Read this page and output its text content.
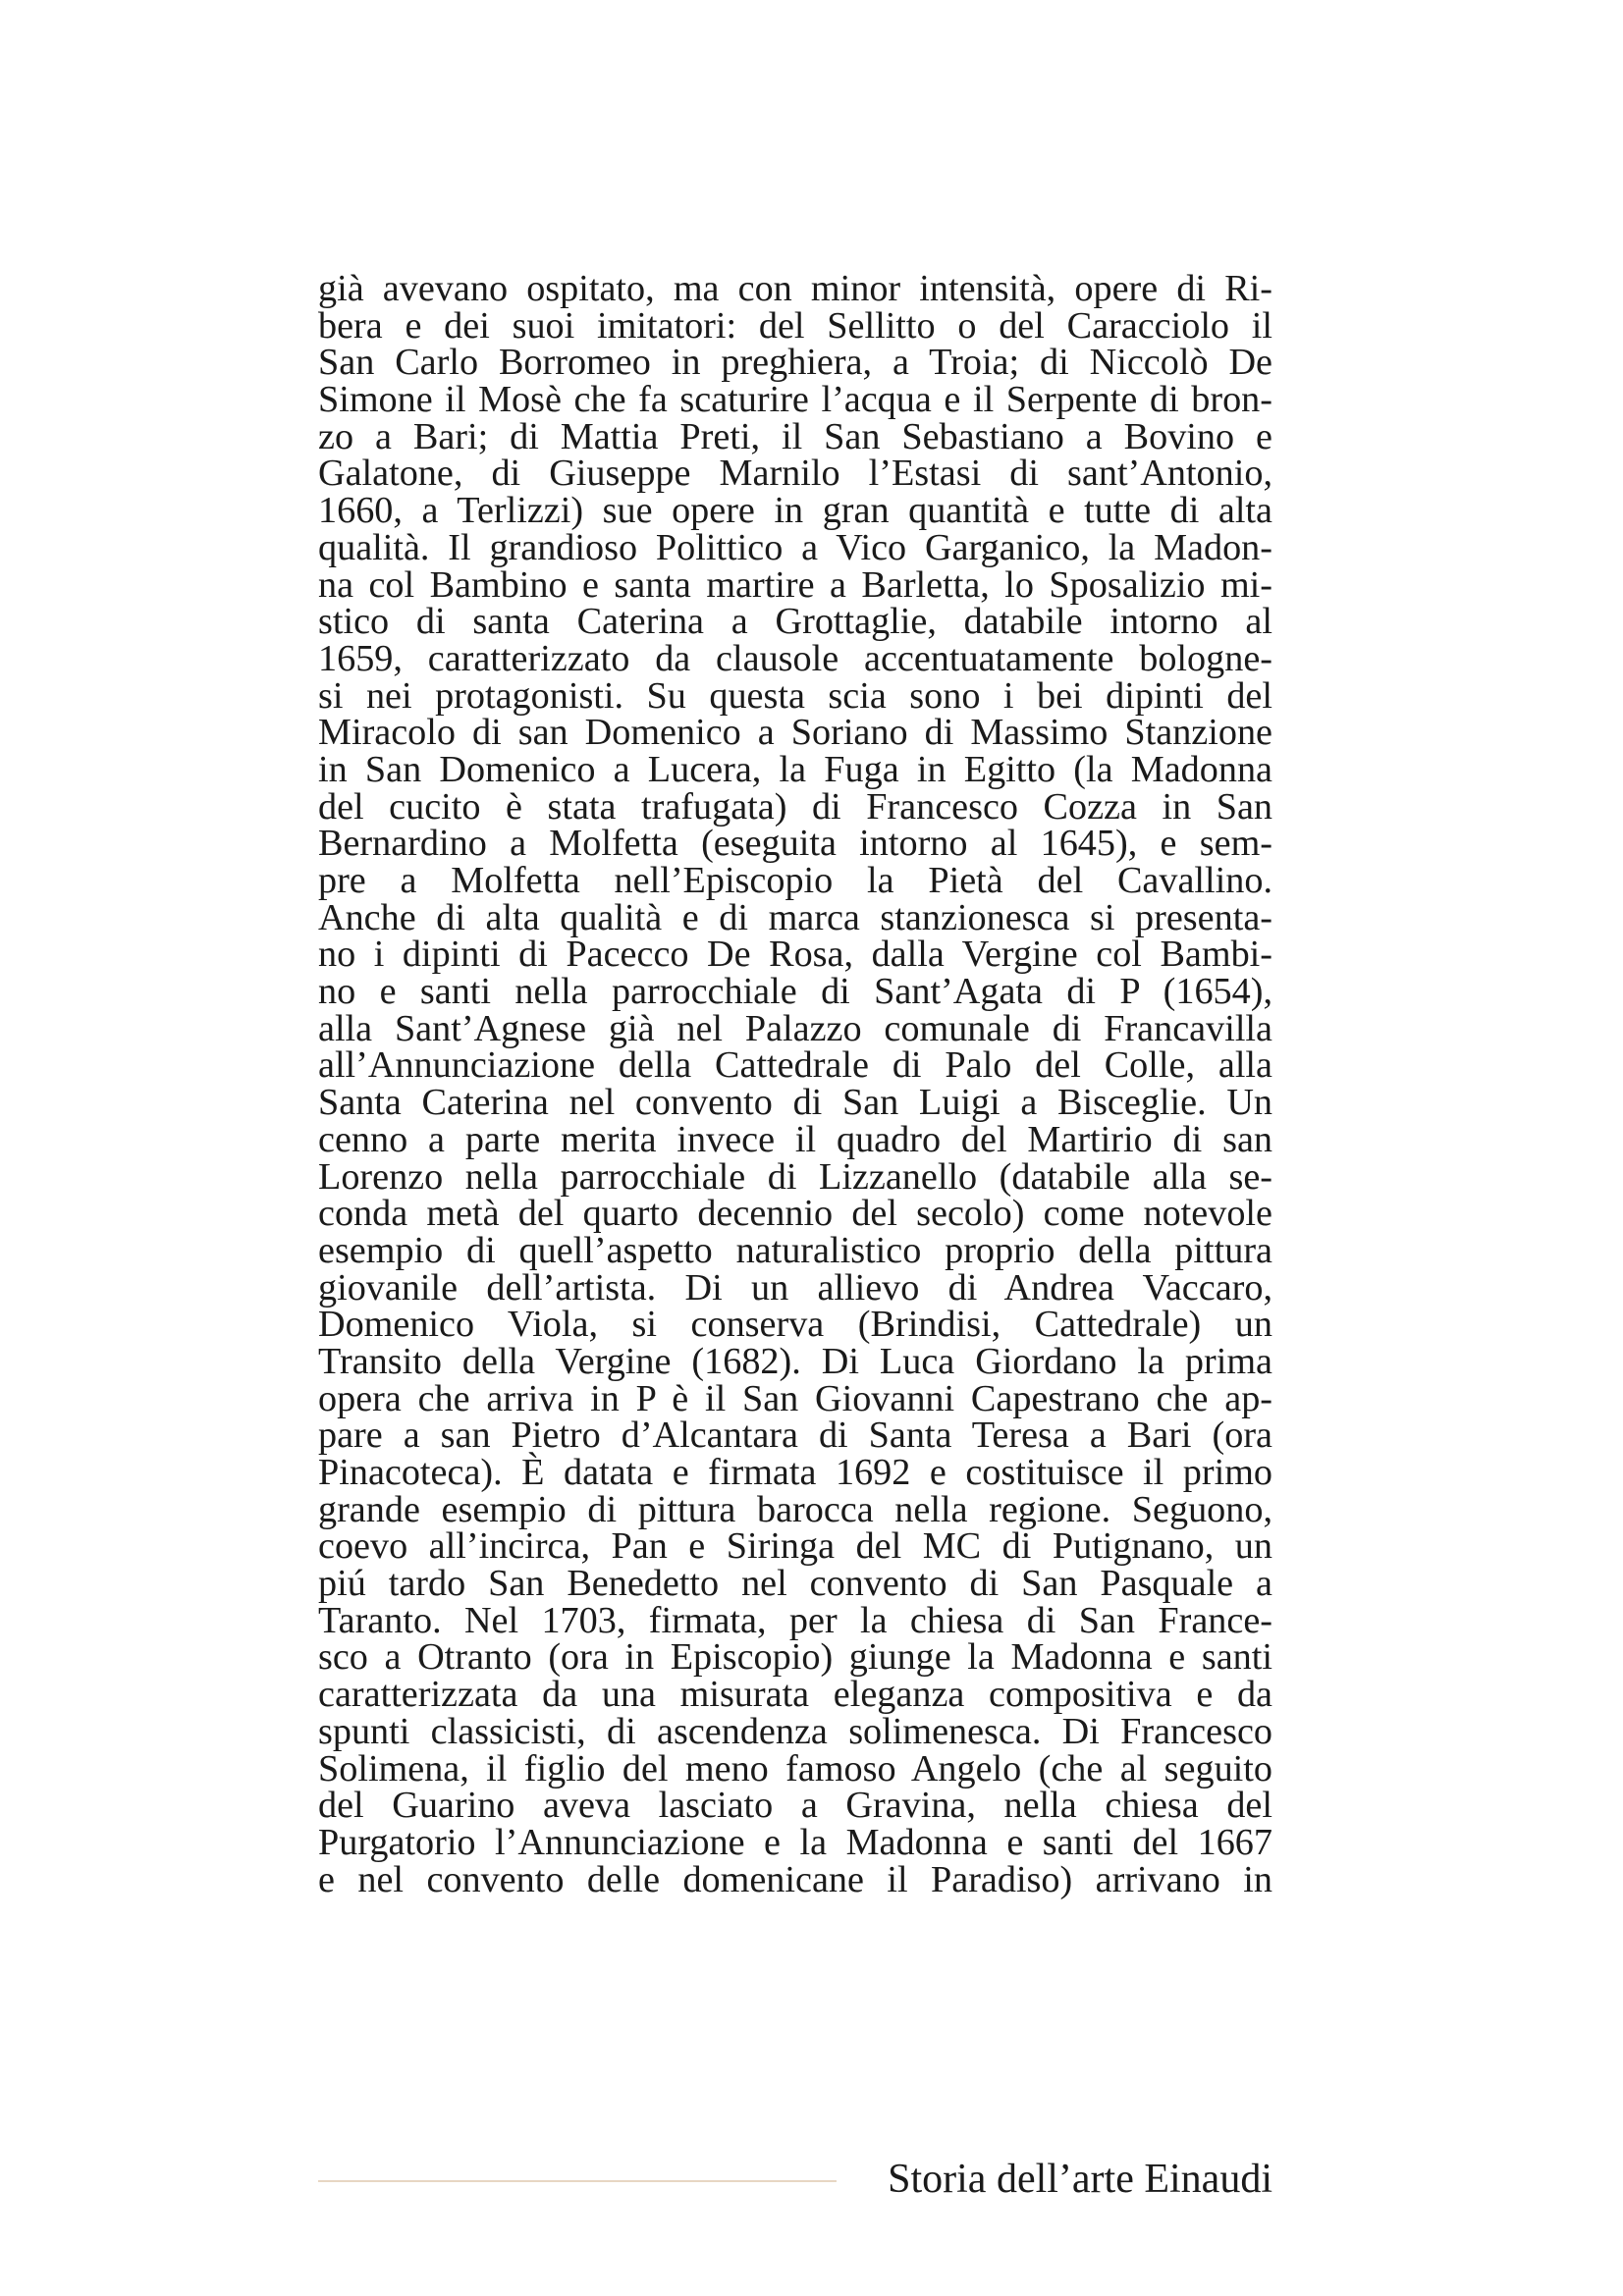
già avevano ospitato, ma con minor intensità, opere di Ri-
bera e dei suoi imitatori: del Sellitto o del Caracciolo il
San Carlo Borromeo in preghiera, a Troia; di Niccolò De
Simone il Mosè che fa scaturire l’acqua e il Serpente di bron-
zo a Bari; di Mattia Preti, il San Sebastiano a Bovino e
Galatone, di Giuseppe Marnilo l’Estasi di sant’Antonio,
1660, a Terlizzi) sue opere in gran quantità e tutte di alta
qualità. Il grandioso Polittico a Vico Garganico, la Madon-
na col Bambino e santa martire a Barletta, lo Sposalizio mi-
stico di santa Caterina a Grottaglie, databile intorno al
1659, caratterizzato da clausole accentuatamente bologne-
si nei protagonisti. Su questa scia sono i bei dipinti del
Miracolo di san Domenico a Soriano di Massimo Stanzione
in San Domenico a Lucera, la Fuga in Egitto (la Madonna
del cucito è stata trafugata) di Francesco Cozza in San
Bernardino a Molfetta (eseguita intorno al 1645), e sem-
pre a Molfetta nell’Episcopio la Pietà del Cavallino.
Anche di alta qualità e di marca stanzionesca si presenta-
no i dipinti di Pacecco De Rosa, dalla Vergine col Bambi-
no e santi nella parrocchiale di Sant’Agata di P (1654),
alla Sant’Agnese già nel Palazzo comunale di Francavilla
all’Annunciazione della Cattedrale di Palo del Colle, alla
Santa Caterina nel convento di San Luigi a Bisceglie. Un
cenno a parte merita invece il quadro del Martirio di san
Lorenzo nella parrocchiale di Lizzanello (databile alla se-
conda metà del quarto decennio del secolo) come notevole
esempio di quell’aspetto naturalistico proprio della pittura
giovanile dell’artista. Di un allievo di Andrea Vaccaro,
Domenico Viola, si conserva (Brindisi, Cattedrale) un
Transito della Vergine (1682). Di Luca Giordano la prima
opera che arriva in P è il San Giovanni Capestrano che ap-
pare a san Pietro d’Alcantara di Santa Teresa a Bari (ora
Pinacoteca). È datata e firmata 1692 e costituisce il primo
grande esempio di pittura barocca nella regione. Seguono,
coevo all’incirca, Pan e Siringa del MC di Putignano, un
piú tardo San Benedetto nel convento di San Pasquale a
Taranto. Nel 1703, firmata, per la chiesa di San France-
sco a Otranto (ora in Episcopio) giunge la Madonna e santi
caratterizzata da una misurata eleganza compositiva e da
spunti classicisti, di ascendenza solimenesca. Di Francesco
Solimena, il figlio del meno famoso Angelo (che al seguito
del Guarino aveva lasciato a Gravina, nella chiesa del
Purgatorio l’Annunciazione e la Madonna e santi del 1667
e nel convento delle domenicane il Paradiso) arrivano in
Storia dell’arte Einaudi
